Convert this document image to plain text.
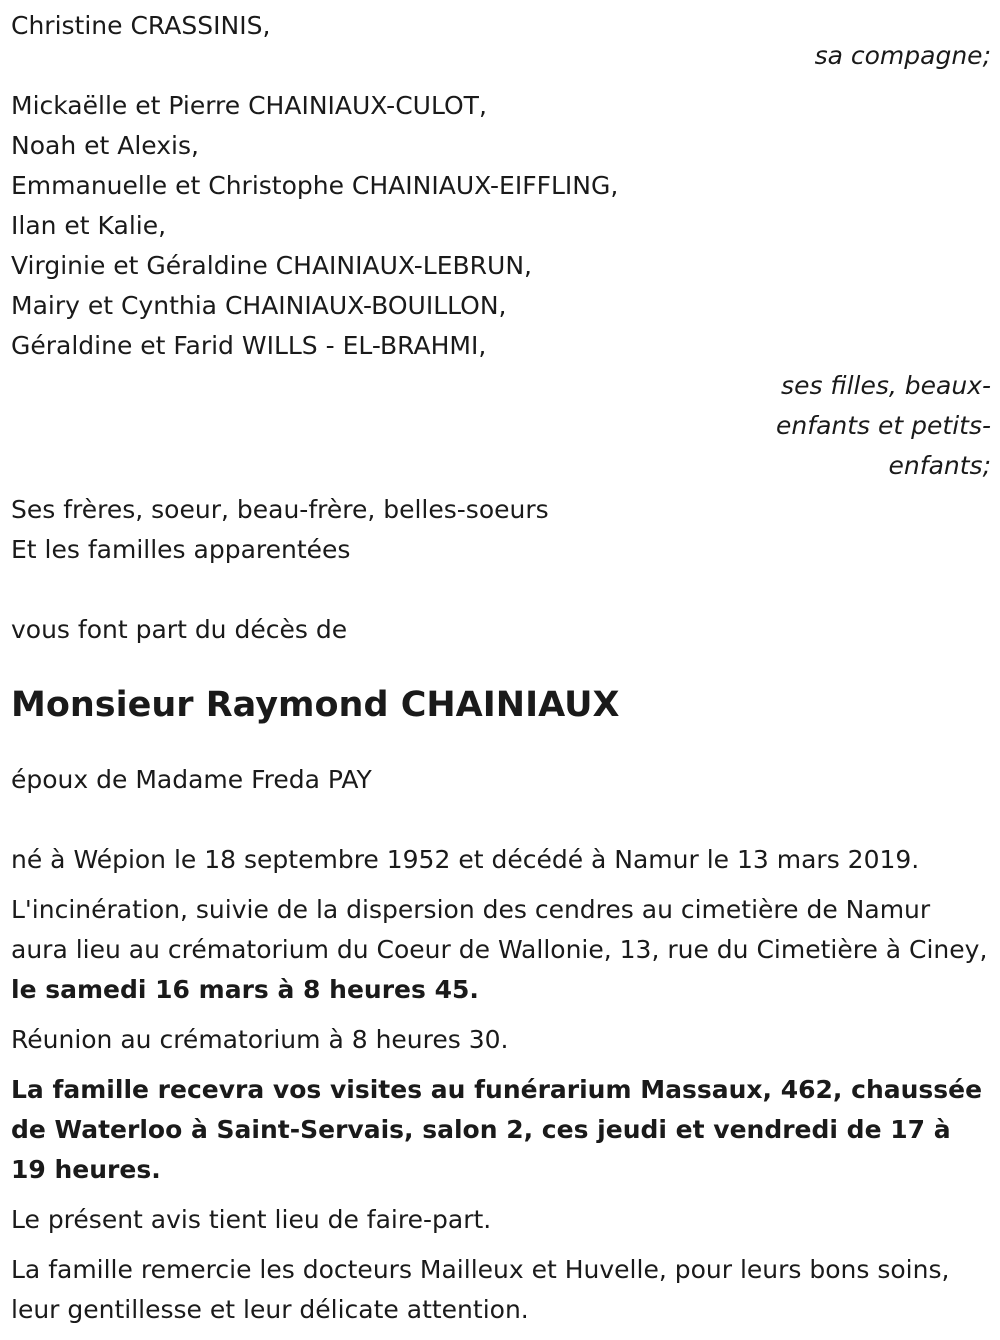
Christine CRASSINIS,
sa compagne;
Mickaëlle et Pierre CHAINIAUX-CULOT,
Noah et Alexis,
Emmanuelle et Christophe CHAINIAUX-EIFFLING,
Ilan et Kalie,
Virginie et Géraldine CHAINIAUX-LEBRUN,
Mairy et Cynthia CHAINIAUX-BOUILLON,
Géraldine et Farid WILLS - EL-BRAHMI,
ses filles, beaux-
enfants et petits-
enfants;
Ses frères, soeur, beau-frère, belles-soeurs
Et les familles apparentées
vous font part du décès de
Monsieur Raymond CHAINIAUX
époux de Madame Freda PAY
né à Wépion le 18 septembre 1952 et décédé à Namur le 13 mars 2019.
L'incinération, suivie de la dispersion des cendres au cimetière de Namur aura lieu au crématorium du Coeur de Wallonie, 13, rue du Cimetière à Ciney, le samedi 16 mars à 8 heures 45.
Réunion au crématorium à 8 heures 30.
La famille recevra vos visites au funérarium Massaux, 462, chaussée de Waterloo à Saint-Servais, salon 2, ces jeudi et vendredi de 17 à 19 heures.
Le présent avis tient lieu de faire-part.
La famille remercie les docteurs Mailleux et Huvelle, pour leurs bons soins, leur gentillesse et leur délicate attention.
